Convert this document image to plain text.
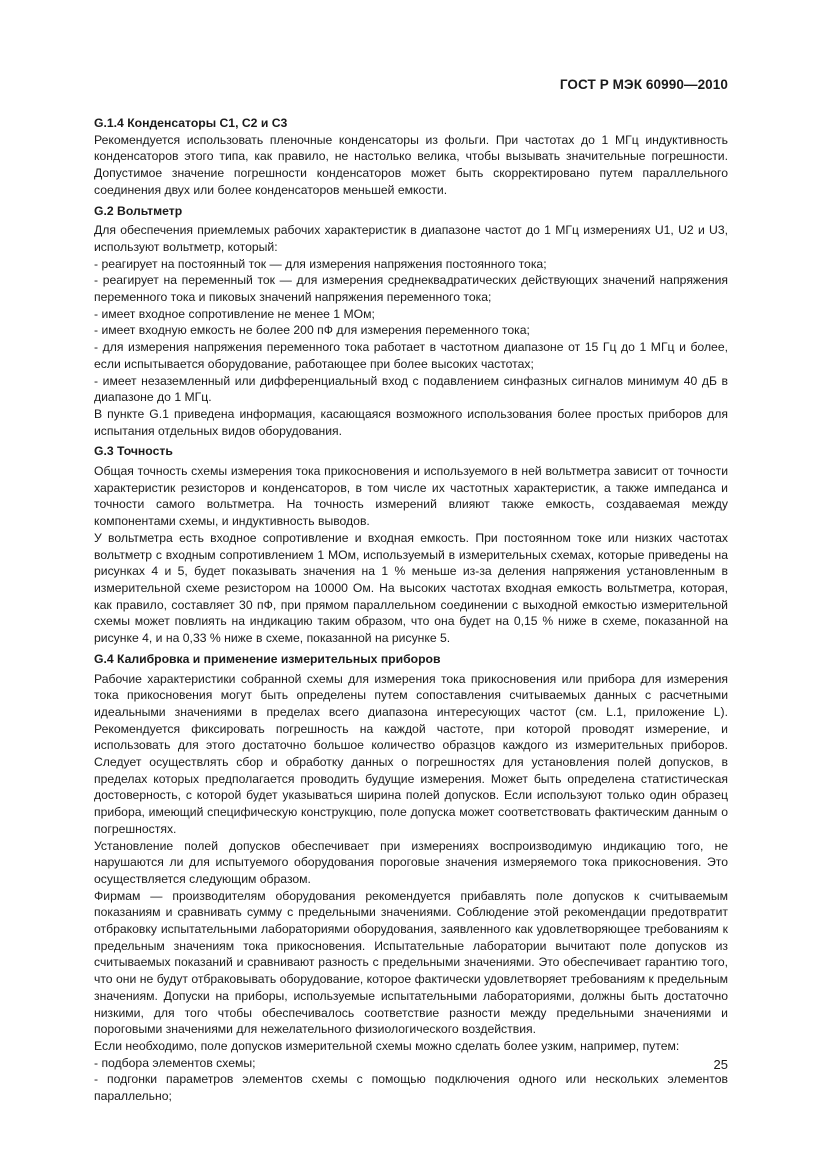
ГОСТ Р МЭК 60990—2010

G.1.4 Конденсаторы C1, C2 и C3

Рекомендуется использовать пленочные конденсаторы из фольги. При частотах до 1 МГц индуктивность конденсаторов этого типа, как правило, не настолько велика, чтобы вызывать значительные погрешности. Допустимое значение погрешности конденсаторов может быть скорректировано путем параллельного соединения двух или более конденсаторов меньшей емкости.

G.2 Вольтметр

Для обеспечения приемлемых рабочих характеристик в диапазоне частот до 1 МГц измерениях U1, U2 и U3, используют вольтметр, который:

- реагирует на постоянный ток — для измерения напряжения постоянного тока;

- реагирует на переменный ток — для измерения среднеквадратических действующих значений напряжения переменного тока и пиковых значений напряжения переменного тока;

- имеет входное сопротивление не менее 1 МОм;

- имеет входную емкость не более 200 пФ для измерения переменного тока;

- для измерения напряжения переменного тока работает в частотном диапазоне от 15 Гц до 1 МГц и более, если испытывается оборудование, работающее при более высоких частотах;

- имеет незаземленный или дифференциальный вход с подавлением синфазных сигналов минимум 40 дБ в диапазоне до 1 МГц.

В пункте G.1 приведена информация, касающаяся возможного использования более простых приборов для испытания отдельных видов оборудования.

G.3 Точность

Общая точность схемы измерения тока прикосновения и используемого в ней вольтметра зависит от точности характеристик резисторов и конденсаторов, в том числе их частотных характеристик, а также импеданса и точности самого вольтметра. На точность измерений влияют также емкость, создаваемая между компонентами схемы, и индуктивность выводов.

У вольтметра есть входное сопротивление и входная емкость. При постоянном токе или низких частотах вольтметр с входным сопротивлением 1 МОм, используемый в измерительных схемах, которые приведены на рисунках 4 и 5, будет показывать значения на 1 % меньше из-за деления напряжения установленным в измерительной схеме резистором на 10000 Ом. На высоких частотах входная емкость вольтметра, которая, как правило, составляет 30 пФ, при прямом параллельном соединении с выходной емкостью измерительной схемы может повлиять на индикацию таким образом, что она будет на 0,15 % ниже в схеме, показанной на рисунке 4, и на 0,33 % ниже в схеме, показанной на рисунке 5.

G.4 Калибровка и применение измерительных приборов

Рабочие характеристики собранной схемы для измерения тока прикосновения или прибора для измерения тока прикосновения могут быть определены путем сопоставления считываемых данных с расчетными идеальными значениями в пределах всего диапазона интересующих частот (см. L.1, приложение L). Рекомендуется фиксировать погрешность на каждой частоте, при которой проводят измерение, и использовать для этого достаточно большое количество образцов каждого из измерительных приборов. Следует осуществлять сбор и обработку данных о погрешностях для установления полей допусков, в пределах которых предполагается проводить будущие измерения. Может быть определена статистическая достоверность, с которой будет указываться ширина полей допусков. Если используют только один образец прибора, имеющий специфическую конструкцию, поле допуска может соответствовать фактическим данным о погрешностях.

Установление полей допусков обеспечивает при измерениях воспроизводимую индикацию того, не нарушаются ли для испытуемого оборудования пороговые значения измеряемого тока прикосновения. Это осуществляется следующим образом.

Фирмам — производителям оборудования рекомендуется прибавлять поле допусков к считываемым показаниям и сравнивать сумму с предельными значениями. Соблюдение этой рекомендации предотвратит отбраковку испытательными лабораториями оборудования, заявленного как удовлетворяющее требованиям к предельным значениям тока прикосновения. Испытательные лаборатории вычитают поле допусков из считываемых показаний и сравнивают разность с предельными значениями. Это обеспечивает гарантию того, что они не будут отбраковывать оборудование, которое фактически удовлетворяет требованиям к предельным значениям. Допуски на приборы, используемые испытательными лабораториями, должны быть достаточно низкими, для того чтобы обеспечивалось соответствие разности между предельными значениями и пороговыми значениями для нежелательного физиологического воздействия.

Если необходимо, поле допусков измерительной схемы можно сделать более узким, например, путем:

- подбора элементов схемы;

- подгонки параметров элементов схемы с помощью подключения одного или нескольких элементов параллельно;

25
